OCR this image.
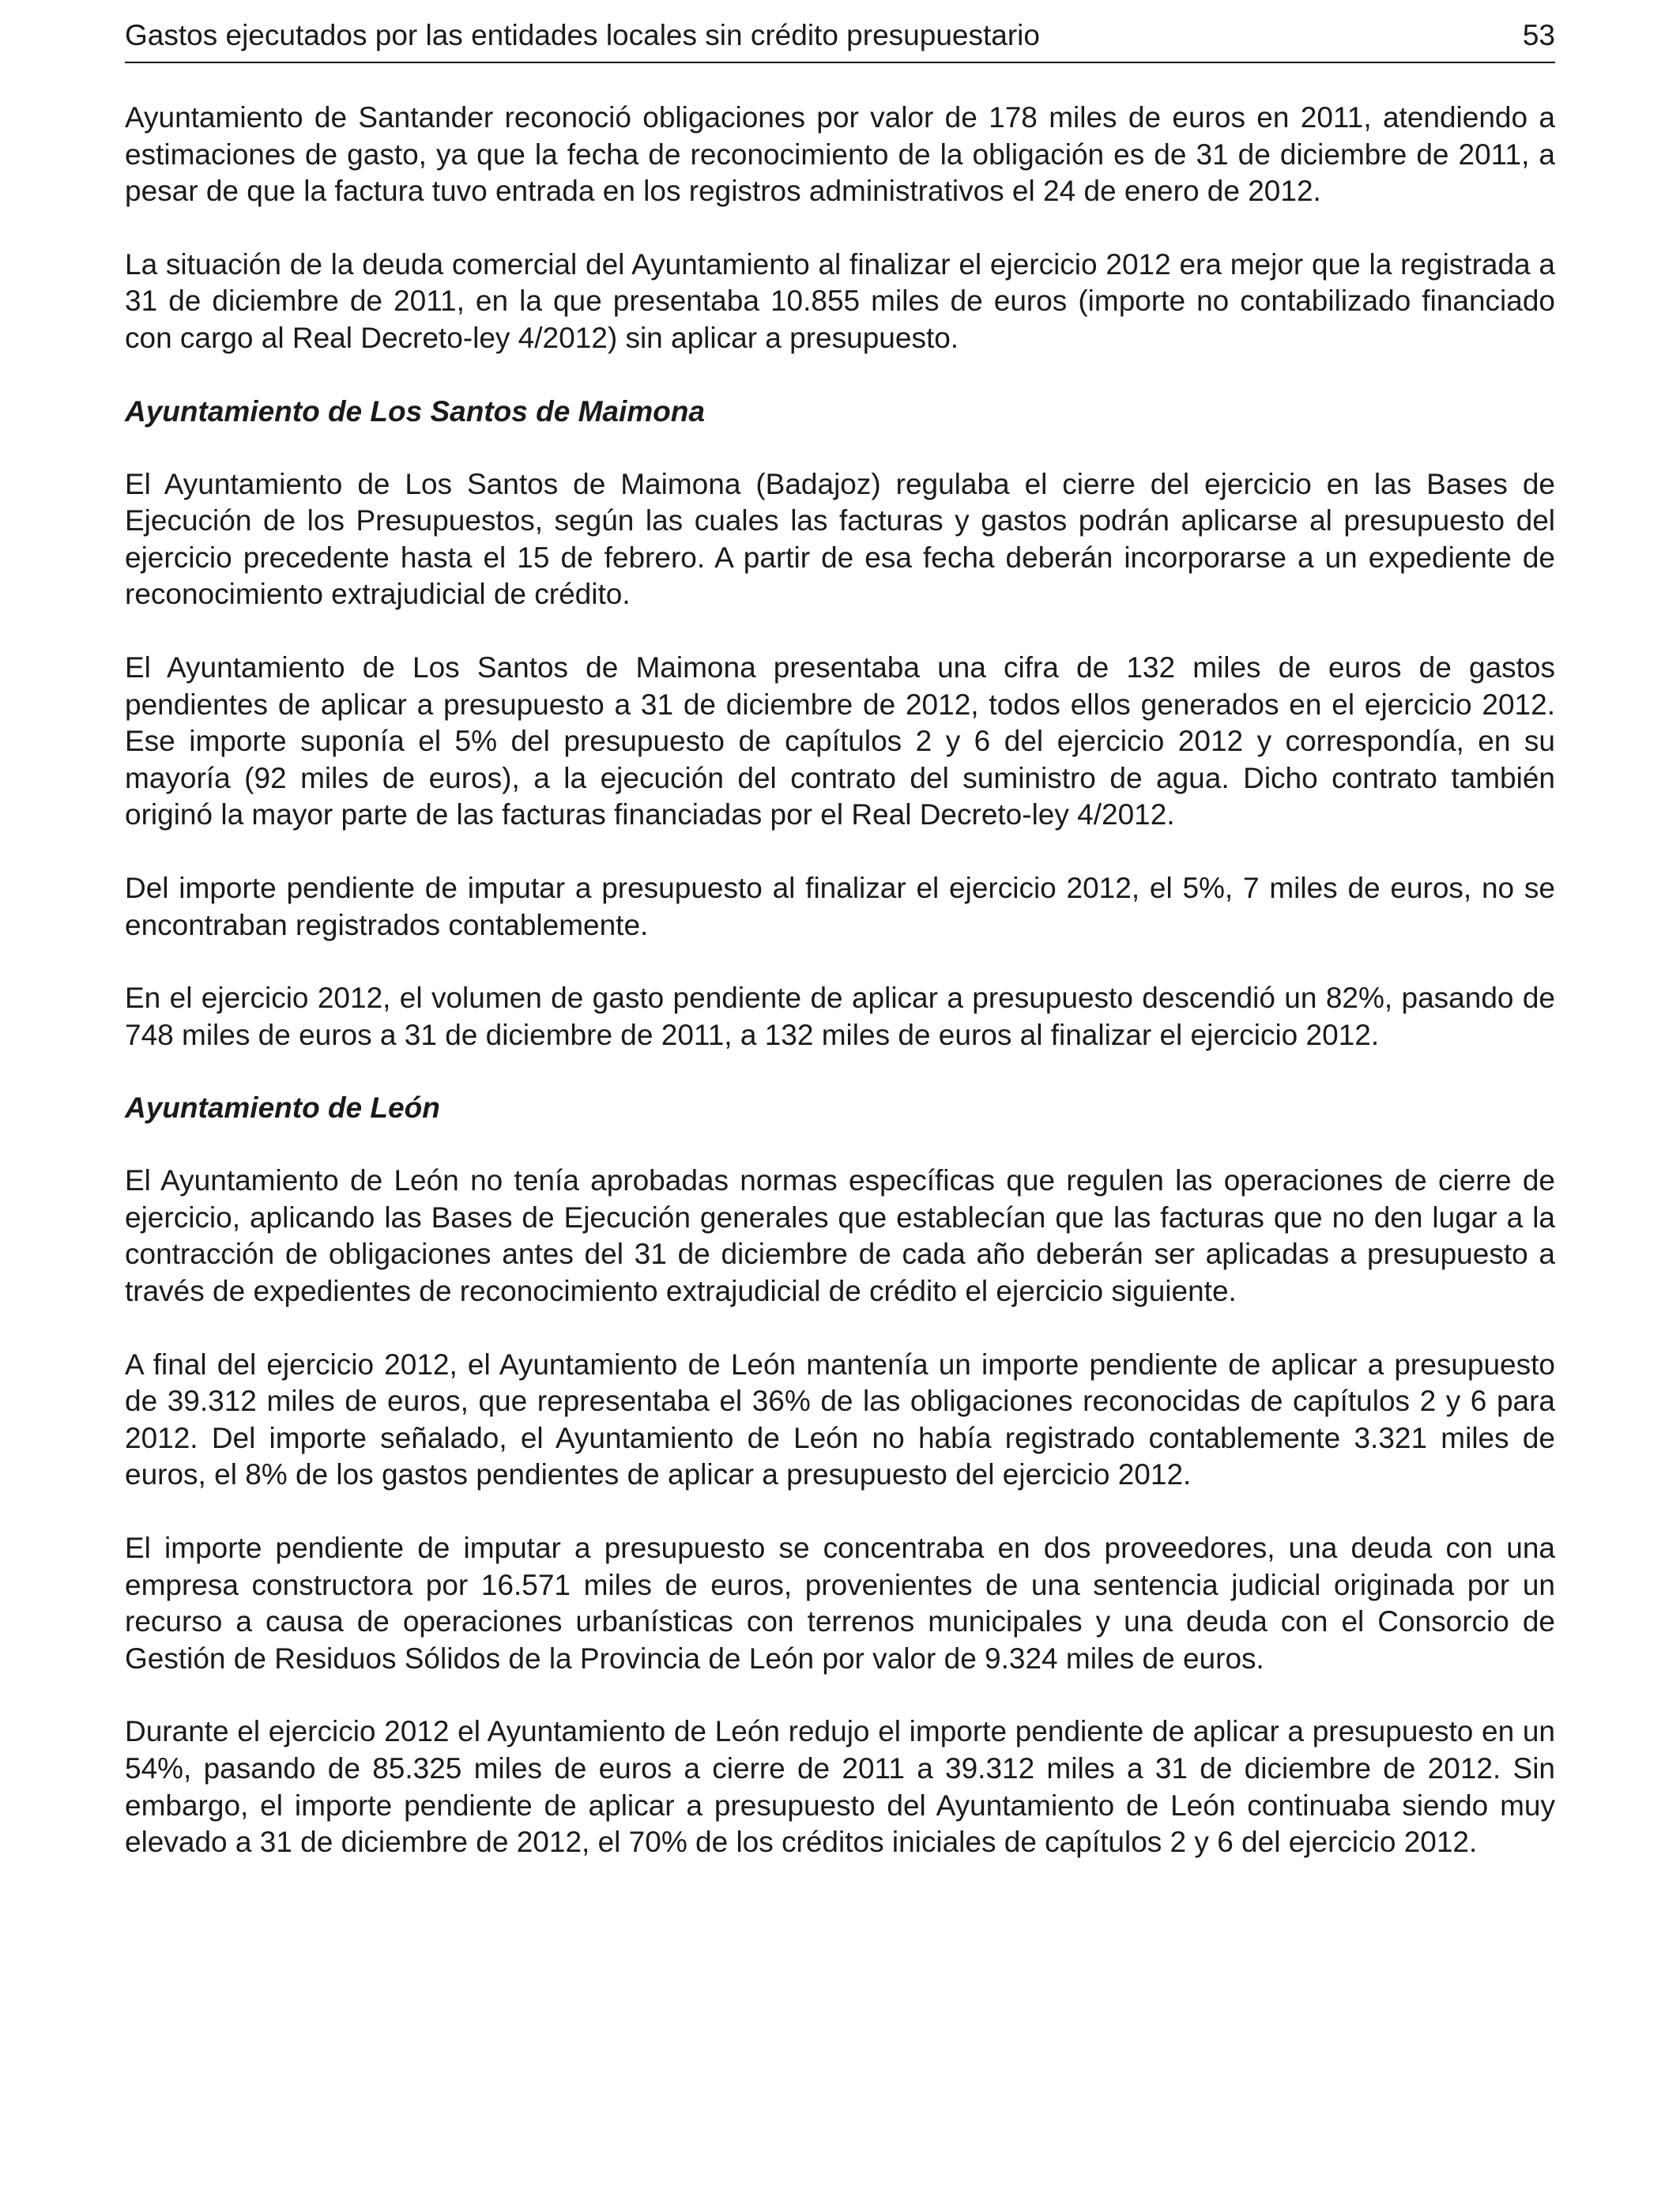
Gastos ejecutados por las entidades locales sin crédito presupuestario	53

Ayuntamiento de Santander reconoció obligaciones por valor de 178 miles de euros en 2011, atendiendo a estimaciones de gasto, ya que la fecha de reconocimiento de la obligación es de 31 de diciembre de 2011, a pesar de que la factura tuvo entrada en los registros administrativos el 24 de enero de 2012.

La situación de la deuda comercial del Ayuntamiento al finalizar el ejercicio 2012 era mejor que la registrada a 31 de diciembre de 2011, en la que presentaba 10.855 miles de euros (importe no contabilizado financiado con cargo al Real Decreto-ley 4/2012) sin aplicar a presupuesto.

Ayuntamiento de Los Santos de Maimona

El Ayuntamiento de Los Santos de Maimona (Badajoz) regulaba el cierre del ejercicio en las Bases de Ejecución de los Presupuestos, según las cuales las facturas y gastos podrán aplicarse al presupuesto del ejercicio precedente hasta el 15 de febrero. A partir de esa fecha deberán incorporarse a un expediente de reconocimiento extrajudicial de crédito.

El Ayuntamiento de Los Santos de Maimona presentaba una cifra de 132 miles de euros de gastos pendientes de aplicar a presupuesto a 31 de diciembre de 2012, todos ellos generados en el ejercicio 2012. Ese importe suponía el 5% del presupuesto de capítulos 2 y 6 del ejercicio 2012 y correspondía, en su mayoría (92 miles de euros), a la ejecución del contrato del suministro de agua. Dicho contrato también originó la mayor parte de las facturas financiadas por el Real Decreto-ley 4/2012.

Del importe pendiente de imputar a presupuesto al finalizar el ejercicio 2012, el 5%, 7 miles de euros, no se encontraban registrados contablemente.

En el ejercicio 2012, el volumen de gasto pendiente de aplicar a presupuesto descendió un 82%, pasando de 748 miles de euros a 31 de diciembre de 2011, a 132 miles de euros al finalizar el ejercicio 2012.

Ayuntamiento de León

El Ayuntamiento de León no tenía aprobadas normas específicas que regulen las operaciones de cierre de ejercicio, aplicando las Bases de Ejecución generales que establecían que las facturas que no den lugar a la contracción de obligaciones antes del 31 de diciembre de cada año deberán ser aplicadas a presupuesto a través de expedientes de reconocimiento extrajudicial de crédito el ejercicio siguiente.

A final del ejercicio 2012, el Ayuntamiento de León mantenía un importe pendiente de aplicar a presupuesto de 39.312 miles de euros, que representaba el 36% de las obligaciones reconocidas de capítulos 2 y 6 para 2012. Del importe señalado, el Ayuntamiento de León no había registrado contablemente 3.321 miles de euros, el 8% de los gastos pendientes de aplicar a presupuesto del ejercicio 2012.

El importe pendiente de imputar a presupuesto se concentraba en dos proveedores, una deuda con una empresa constructora por 16.571 miles de euros, provenientes de una sentencia judicial originada por un recurso a causa de operaciones urbanísticas con terrenos municipales y una deuda con el Consorcio de Gestión de Residuos Sólidos de la Provincia de León por valor de 9.324 miles de euros.

Durante el ejercicio 2012 el Ayuntamiento de León redujo el importe pendiente de aplicar a presupuesto en un 54%, pasando de 85.325 miles de euros a cierre de 2011 a 39.312 miles a 31 de diciembre de 2012. Sin embargo, el importe pendiente de aplicar a presupuesto del Ayuntamiento de León continuaba siendo muy elevado a 31 de diciembre de 2012, el 70% de los créditos iniciales de capítulos 2 y 6 del ejercicio 2012.
